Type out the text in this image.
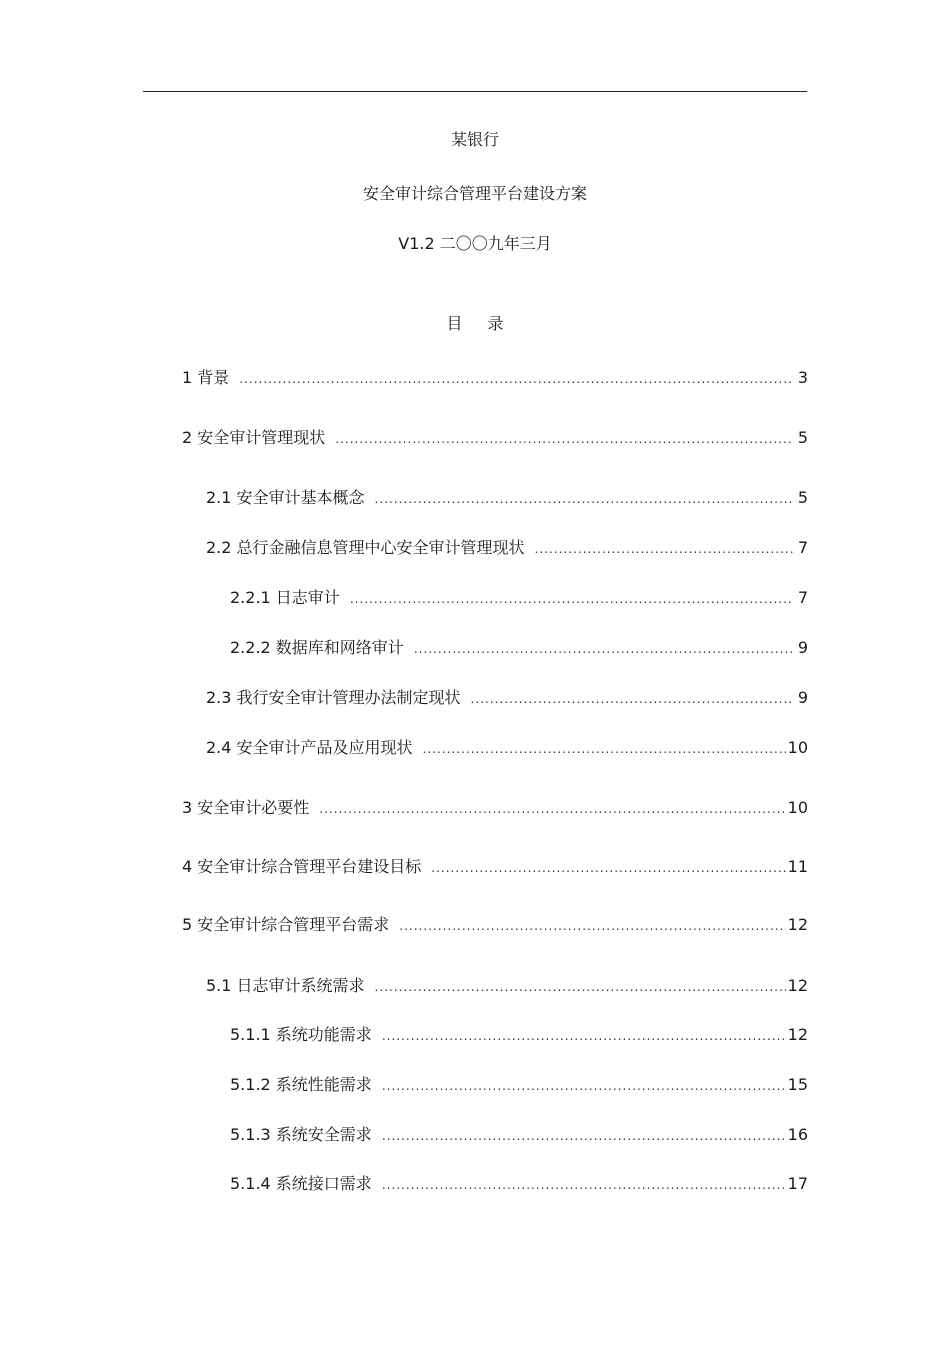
某银行
安全审计综合管理平台建设方案
V1.2 二〇〇九年三月
目 录
1 背景 .....	3
2 安全审计管理现状 .....	5
2.1 安全审计基本概念 .....	5
2.2 总行金融信息管理中心安全审计管理现状 .....	7
2.2.1 日志审计 .....	7
2.2.2 数据库和网络审计 .....	9
2.3 我行安全审计管理办法制定现状 .....	9
2.4 安全审计产品及应用现状 .....	10
3 安全审计必要性 .....	10
4 安全审计综合管理平台建设目标 .....	11
5 安全审计综合管理平台需求 .....	12
5.1 日志审计系统需求 .....	12
5.1.1 系统功能需求 .....	12
5.1.2 系统性能需求 .....	15
5.1.3 系统安全需求 .....	16
5.1.4 系统接口需求 .....	17
